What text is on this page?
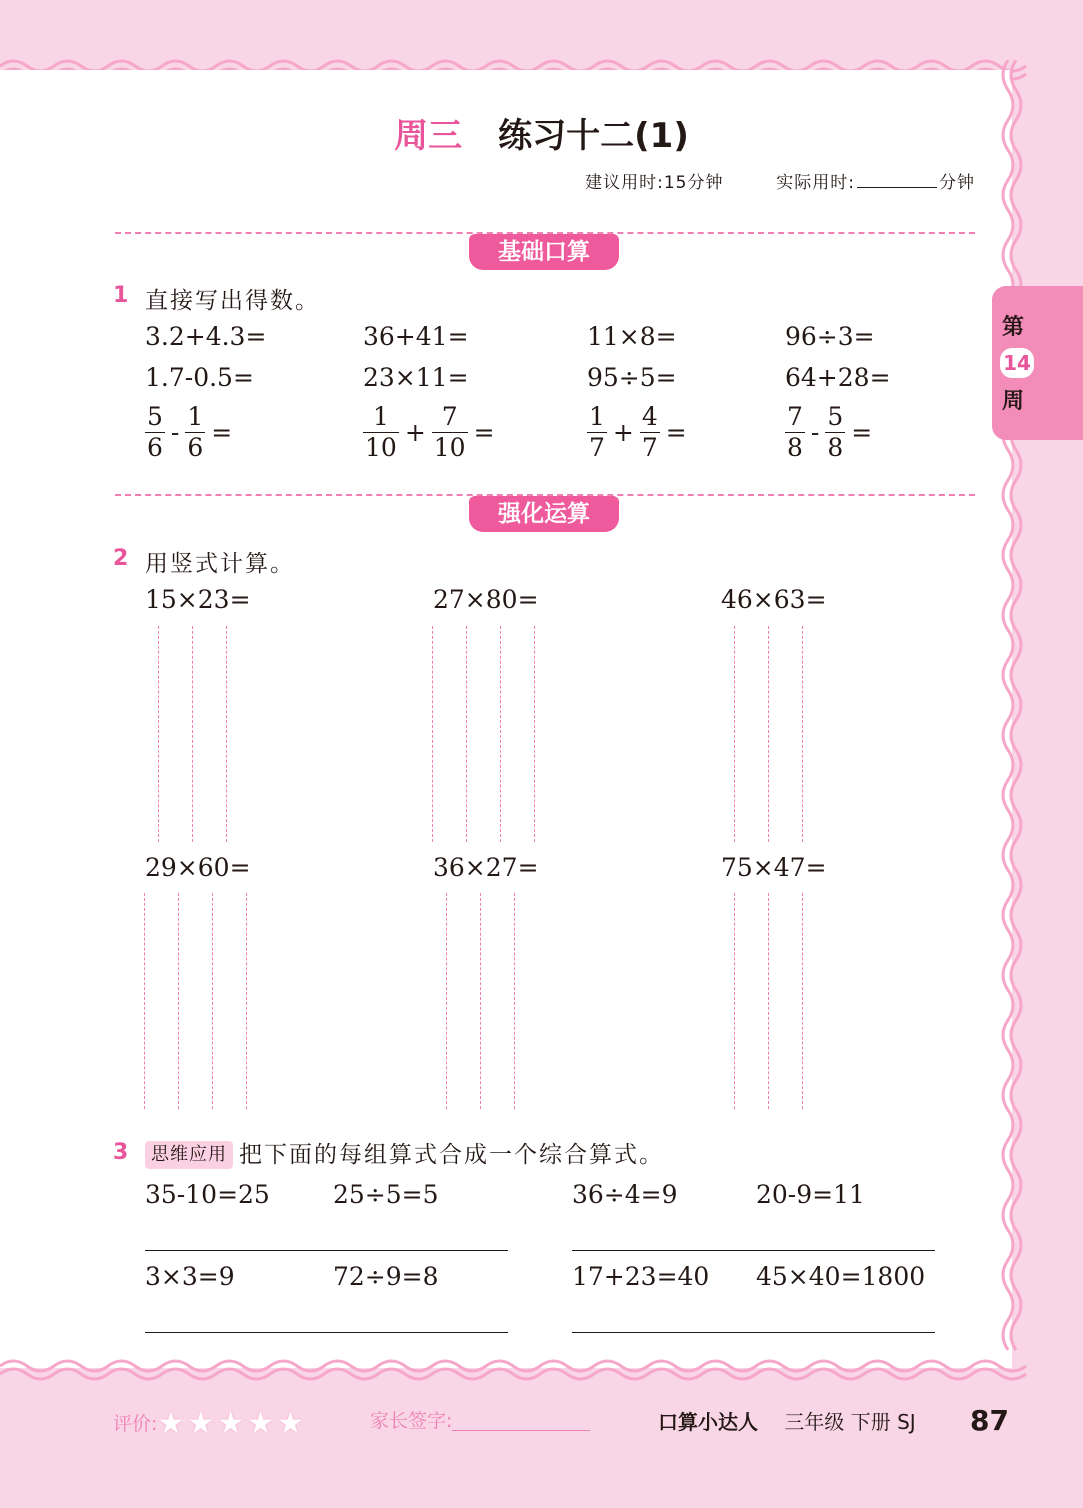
周三 练习十二(1)
建议用时:15分钟	实际用时:	分钟
第
14
周
基础口算
1 直接写出得数。
3.2+4.3=	36+41=	11×8=	96÷3=
1.7-0.5=	23×11=	95÷5=	64+28=
$\frac{5}{6} - \frac{1}{6}$ =	$\frac{1}{10} + \frac{7}{10}$ =	$\frac{1}{7} + \frac{4}{7}$ =	$\frac{7}{8} - \frac{5}{8}$ =
强化运算
2 用竖式计算。
15×23=	27×80=	46×63=
29×60=	36×27=	75×47=
3	思维应用 把下面的每组算式合成一个综合算式。
35-10=25	25÷5=5	36÷4=9	20-9=11
3×3=9	72÷9=8	17+23=40 45×40=1800
评价:★★★★★	家长签字:	口算小达人 三年级 下册 SJ 87
